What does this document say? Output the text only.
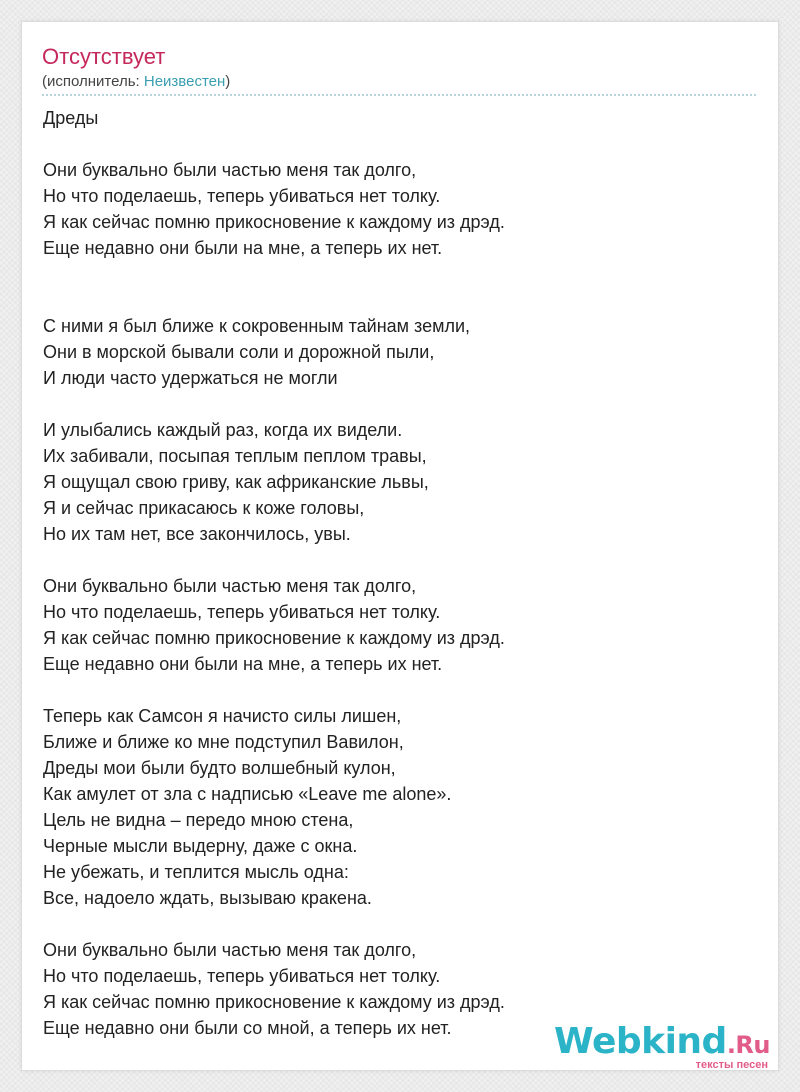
Отсутствует
(исполнитель: Неизвестен)
Дреды
Они буквально были частью меня так долго,
Но что поделаешь, теперь убиваться нет толку.
Я как сейчас помню прикосновение к каждому из дрэд.
Еще недавно они были на мне, а теперь их нет.
С ними я был ближе к сокровенным тайнам земли,
Они в морской бывали соли и дорожной пыли,
И люди часто удержаться не могли
И улыбались каждый раз, когда их видели.
Их забивали, посыпая теплым пеплом травы,
Я ощущал свою гриву, как африканские львы,
Я и сейчас прикасаюсь к коже головы,
Но их там нет, все закончилось, увы.
Они буквально были частью меня так долго,
Но что поделаешь, теперь убиваться нет толку.
Я как сейчас помню прикосновение к каждому из дрэд.
Еще недавно они были на мне, а теперь их нет.
Теперь как Самсон я начисто силы лишен,
Ближе и ближе ко мне подступил Вавилон,
Дреды мои были будто волшебный кулон,
Как амулет от зла с надписью «Leave me alone».
Цель не видна – передо мною стена,
Черные мысли выдерну, даже с окна.
Не убежать, и теплится мысль одна:
Все, надоело ждать, вызываю кракена.
Они буквально были частью меня так долго,
Но что поделаешь, теперь убиваться нет толку.
Я как сейчас помню прикосновение к каждому из дрэд.
Еще недавно они были со мной, а теперь их нет.	Webkind.Ru
тексты песен
